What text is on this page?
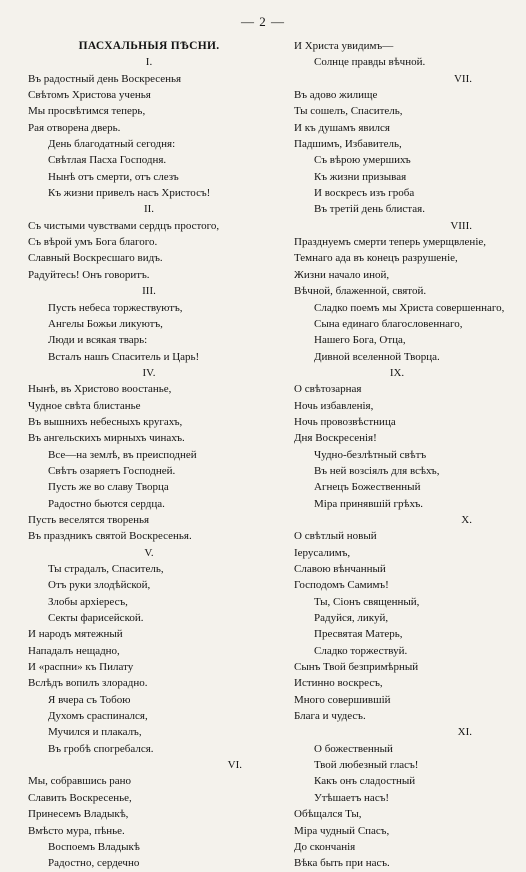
— 2 —
ПАСХАЛЬНЫЯ ПѢСНИ.
I.
Въ радостный день Воскресенья
Свѣтомъ Христова ученья
Мы просвѣтимся теперь,
Рая отворена дверь.
День благодатный сегодня:
Свѣтлая Пасха Господня.
Нынѣ отъ смерти, отъ слезъ
Къ жизни привелъ насъ Христосъ!
II.
Съ чистыми чувствами сердцъ простого,
Съ вѣрой умъ Бога благого.
Славный Воскресшаго видъ.
Радуйтесь! Онъ говоритъ.
III.
Пусть небеса торжествуютъ,
Ангелы Божьи ликуютъ,
Люди и всякая тварь:
Всталъ нашъ Спаситель и Царь!
IV.
Нынѣ, въ Христово воостанье,
Чудное свѣта блистанье
Въ вышнихъ небесныхъ кругахъ,
Въ ангельскихъ мирныхъ чинахъ.
Все—на землѣ, въ преисподней
Свѣтъ озаряетъ Господней.
Пусть же во славу Творца
Радостно бьются сердца.
Пусть веселятся творенья
Въ праздникъ святой Воскресенья.
V.
Ты страдалъ, Спаситель,
Отъ руки злодѣйской,
Злобы архіересъ,
Секты фарисейской.
И народъ мятежный
Нападалъ нещадно,
И «распни» къ Пилату
Вслѣдъ вопилъ злорадно.
Я вчера съ Тобою
Духомъ сраспинался,
Мучился и плакалъ,
Въ гробѣ спогребался.
VI.
Мы, собравшись рано
Славить Воскресенье,
Принесемъ Владыкѣ,
Вмѣсто мура, пѣнье.
Воспоемъ Владыкѣ
Радостно, сердечно
И Христа увидимъ—
Солнце правды вѣчной.
VII.
Въ адово жилище
Ты сошелъ, Спаситель,
И къ душамъ явился
Падшимъ, Избавитель,
Съ вѣрою умершихъ
Къ жизни призывая
И воскресъ изъ гроба
Въ третій день блистая.
VIII.
Празднуемъ смерти теперь умерщвленіе,
Темнаго ада въ конецъ разрушеніе,
Жизни начало иной,
Вѣчной, блаженной, святой.
Сладко поемъ мы Христа совершеннаго,
Сына единаго благословеннаго,
Нашего Бога, Отца,
Дивной вселенной Творца.
IX.
О свѣтозарная
Ночь избавленія,
Ночь провозвѣстница
Дня Воскресенія!
Чудно-безлѣтный свѣтъ
Въ ней возсіялъ для всѣхъ,
Агнецъ Божественный
Міра принявшій грѣхъ.
X.
О свѣтлый новый
Іерусалимъ,
Славою вѣнчанный
Господомъ Самимъ!
Ты, Сіонъ священный,
Радуйся, ликуй,
Пресвятая Матерь,
Сладко торжествуй.
Сынъ Твой безпримѣрный
Истинно воскресъ,
Много совершившій
Блага и чудесъ.
XI.
О божественный
Твой любезный гласъ!
Какъ онъ сладостный
Утѣшаетъ насъ!
Обѣщался Ты,
Міра чудный Спасъ,
До скончанія
Вѣка быть при насъ.
